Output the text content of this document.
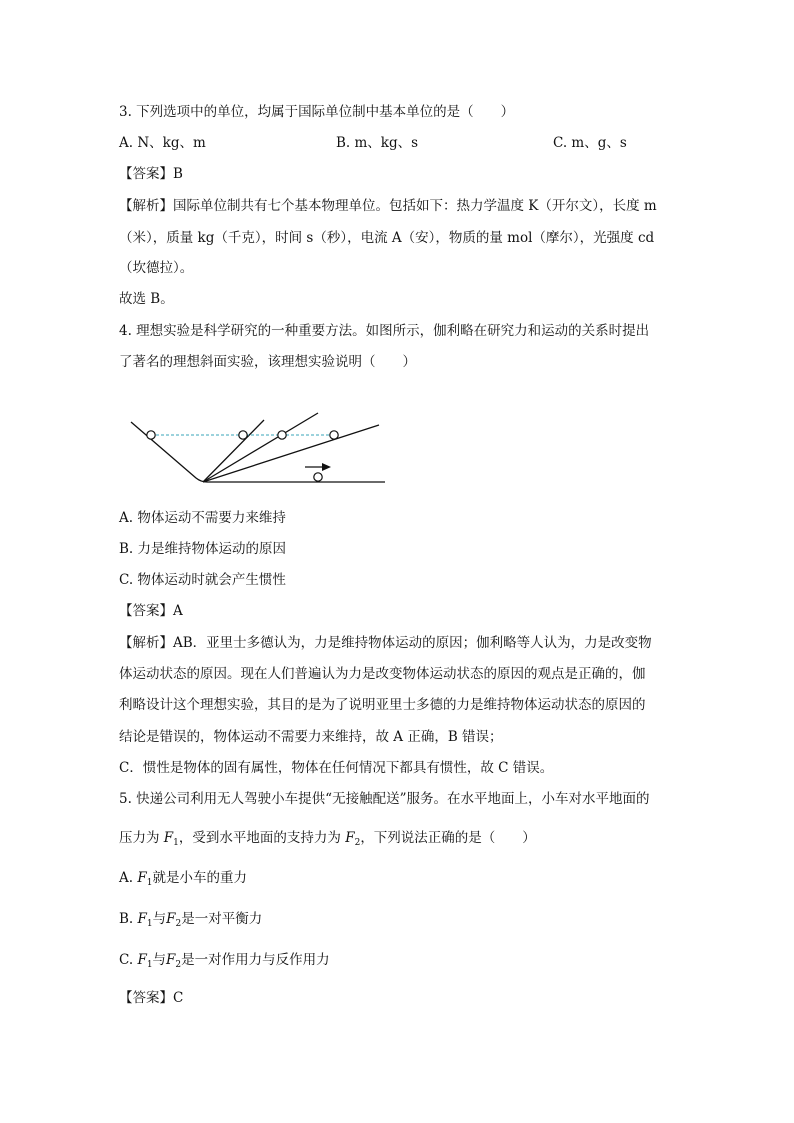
3. 下列选项中的单位，均属于国际单位制中基本单位的是（　　）
A. N、kg、m	B. m、kg、s	C. m、g、s
【答案】B
【解析】国际单位制共有七个基本物理单位。包括如下：热力学温度 K（开尔文），长度 m
（米），质量 kg（千克），时间 s（秒），电流 A（安），物质的量 mol（摩尔），光强度 cd
（坎德拉）。
故选 B。
4. 理想实验是科学研究的一种重要方法。如图所示，伽利略在研究力和运动的关系时提出
了著名的理想斜面实验，该理想实验说明（　　）
A. 物体运动不需要力来维持
B. 力是维持物体运动的原因
C. 物体运动时就会产生惯性
【答案】A
【解析】AB．亚里士多德认为，力是维持物体运动的原因；伽利略等人认为，力是改变物
体运动状态的原因。现在人们普遍认为力是改变物体运动状态的原因的观点是正确的，伽
利略设计这个理想实验，其目的是为了说明亚里士多德的力是维持物体运动状态的原因的
结论是错误的，物体运动不需要力来维持，故 A 正确，B 错误；
C．惯性是物体的固有属性，物体在任何情况下都具有惯性，故 C 错误。
5. 快递公司利用无人驾驶小车提供“无接触配送”服务。在水平地面上，小车对水平地面的
压力为 $F_1$，受到水平地面的支持力为 $F_2$，下列说法正确的是（　　）
A. $F_1$就是小车的重力
B. $F_1$与$F_2$是一对平衡力
C. $F_1$与$F_2$是一对作用力与反作用力
【答案】C
